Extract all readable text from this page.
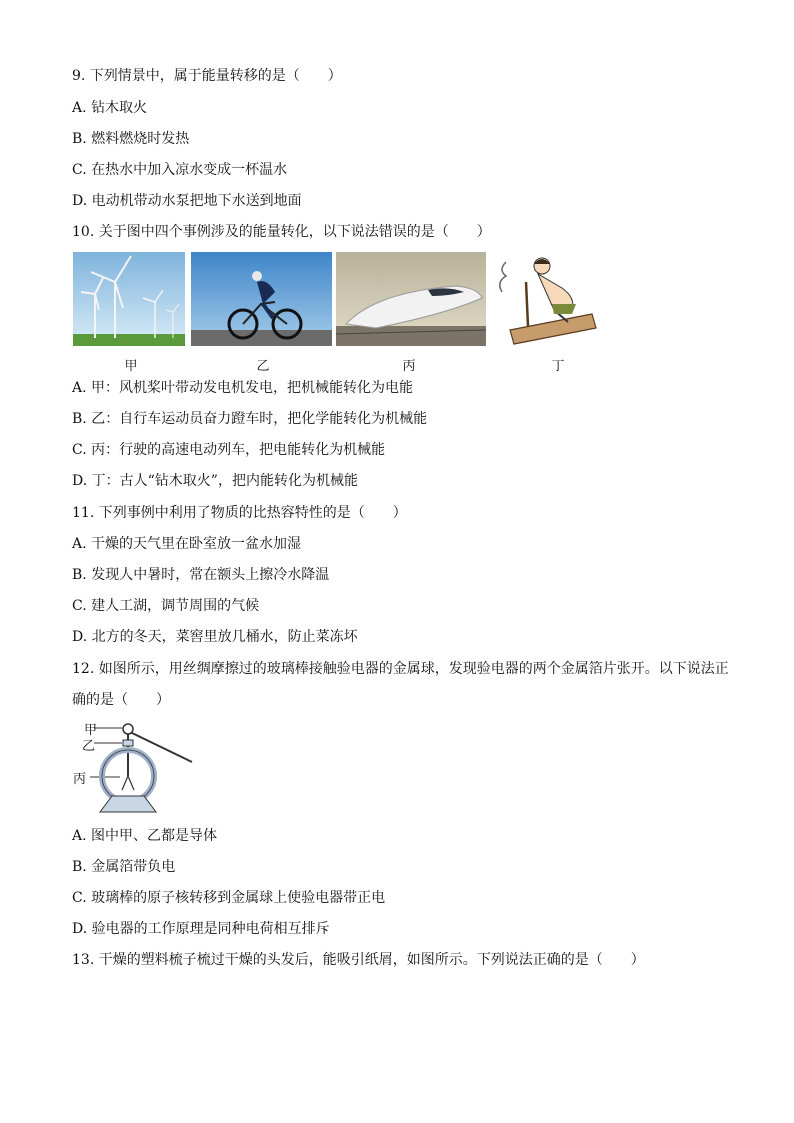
9. 下列情景中，属于能量转移的是（　　）
A. 钻木取火
B. 燃料燃烧时发热
C. 在热水中加入凉水变成一杯温水
D. 电动机带动水泵把地下水送到地面
10. 关于图中四个事例涉及的能量转化，以下说法错误的是（　　）
甲	乙	丙	丁
A. 甲：风机桨叶带动发电机发电，把机械能转化为电能
B. 乙：自行车运动员奋力蹬车时，把化学能转化为机械能
C. 丙：行驶的高速电动列车，把电能转化为机械能
D. 丁：古人“钻木取火”，把内能转化为机械能
11. 下列事例中利用了物质的比热容特性的是（　　）
A. 干燥的天气里在卧室放一盆水加湿
B. 发现人中暑时，常在额头上擦冷水降温
C. 建人工湖，调节周围的气候
D. 北方的冬天，菜窖里放几桶水，防止菜冻坏
12. 如图所示，用丝绸摩擦过的玻璃棒接触验电器的金属球，发现验电器的两个金属箔片张开。以下说法正
确的是（　　）
甲
乙
丙
A. 图中甲、乙都是导体
B. 金属箔带负电
C. 玻璃棒的原子核转移到金属球上使验电器带正电
D. 验电器的工作原理是同种电荷相互排斥
13. 干燥的塑料梳子梳过干燥的头发后，能吸引纸屑，如图所示。下列说法正确的是（　　）
